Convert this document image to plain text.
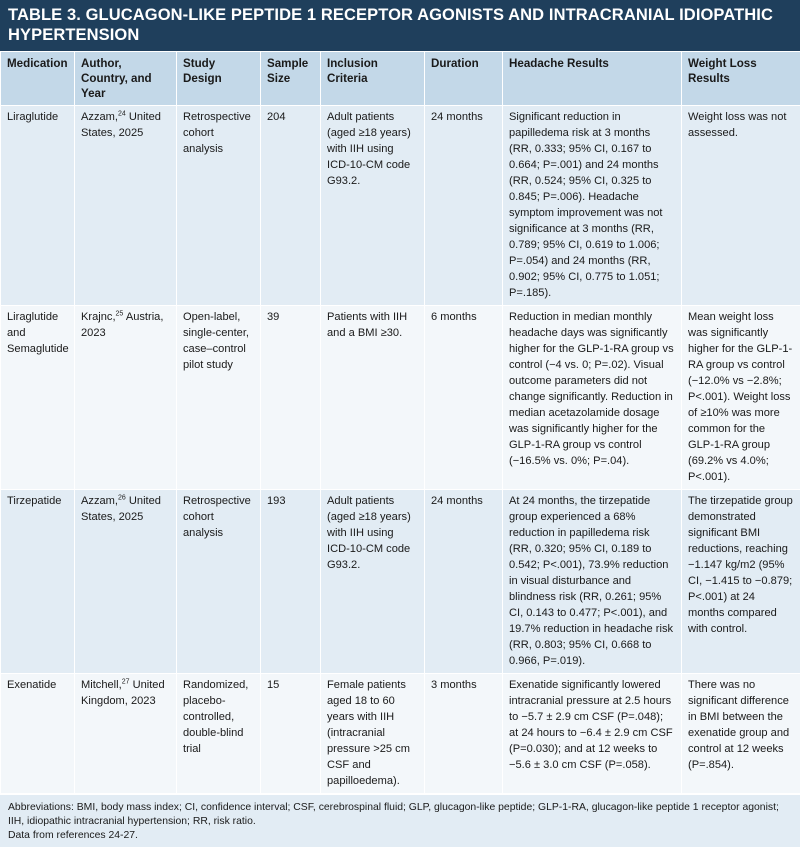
TABLE 3. GLUCAGON-LIKE PEPTIDE 1 RECEPTOR AGONISTS AND INTRACRANIAL IDIOPATHIC
HYPERTENSION
Medication	Author, Country, and Year	Study Design	Sample Size	Inclusion Criteria	Duration	Headache Results	Weight Loss Results
Liraglutide	Azzam,$^{24}$ United States, 2025	Retrospective cohort analysis	204	Adult patients (aged ≥18 years) with IIH using ICD-10-CM code G93.2.	24 months	Significant reduction in papilledema risk at 3 months (RR, 0.333; 95% CI, 0.167 to 0.664; P=.001) and 24 months (RR, 0.524; 95% CI, 0.325 to 0.845; P=.006). Headache symptom improvement was not significance at 3 months (RR, 0.789; 95% CI, 0.619 to 1.006; P=.054) and 24 months (RR, 0.902; 95% CI, 0.775 to 1.051; P=.185).	Weight loss was not assessed.
Liraglutide and Semaglutide	Krajnc,$^{25}$ Austria, 2023	Open-label, single-center, case–control pilot study	39	Patients with IIH and a BMI ≥30.	6 months	Reduction in median monthly headache days was significantly higher for the GLP-1-RA group vs control (−4 vs. 0; P=.02). Visual outcome parameters did not change significantly. Reduction in median acetazolamide dosage was significantly higher for the GLP-1-RA group vs control (−16.5% vs. 0%; P=.04).	Mean weight loss was significantly higher for the GLP-1-RA group vs control (−12.0% vs −2.8%; P<.001). Weight loss of ≥10% was more common for the GLP-1-RA group (69.2% vs 4.0%; P<.001).
Tirzepatide	Azzam,$^{26}$ United States, 2025	Retrospective cohort analysis	193	Adult patients (aged ≥18 years) with IIH using ICD-10-CM code G93.2.	24 months	At 24 months, the tirzepatide group experienced a 68% reduction in papilledema risk (RR, 0.320; 95% CI, 0.189 to 0.542; P<.001), 73.9% reduction in visual disturbance and blindness risk (RR, 0.261; 95% CI, 0.143 to 0.477; P<.001), and 19.7% reduction in headache risk (RR, 0.803; 95% CI, 0.668 to 0.966, P=.019).	The tirzepatide group demonstrated significant BMI reductions, reaching −1.147 kg/m2 (95% CI, −1.415 to −0.879; P<.001) at 24 months compared with control.
Exenatide	Mitchell,$^{27}$ United Kingdom, 2023	Randomized, placebo-controlled, double-blind trial	15	Female patients aged 18 to 60 years with IIH (intracranial pressure >25 cm CSF and papilloedema).	3 months	Exenatide significantly lowered intracranial pressure at 2.5 hours to −5.7 ± 2.9 cm CSF (P=.048); at 24 hours to −6.4 ± 2.9 cm CSF (P=0.030); and at 12 weeks to −5.6 ± 3.0 cm CSF (P=.058).	There was no significant difference in BMI between the exenatide group and control at 12 weeks (P=.854).
Abbreviations: BMI, body mass index; CI, confidence interval; CSF, cerebrospinal fluid; GLP, glucagon-like peptide; GLP-1-RA, glucagon-like peptide 1 receptor agonist; IIH, idiopathic intracranial hypertension; RR, risk ratio.
Data from references 24-27.
